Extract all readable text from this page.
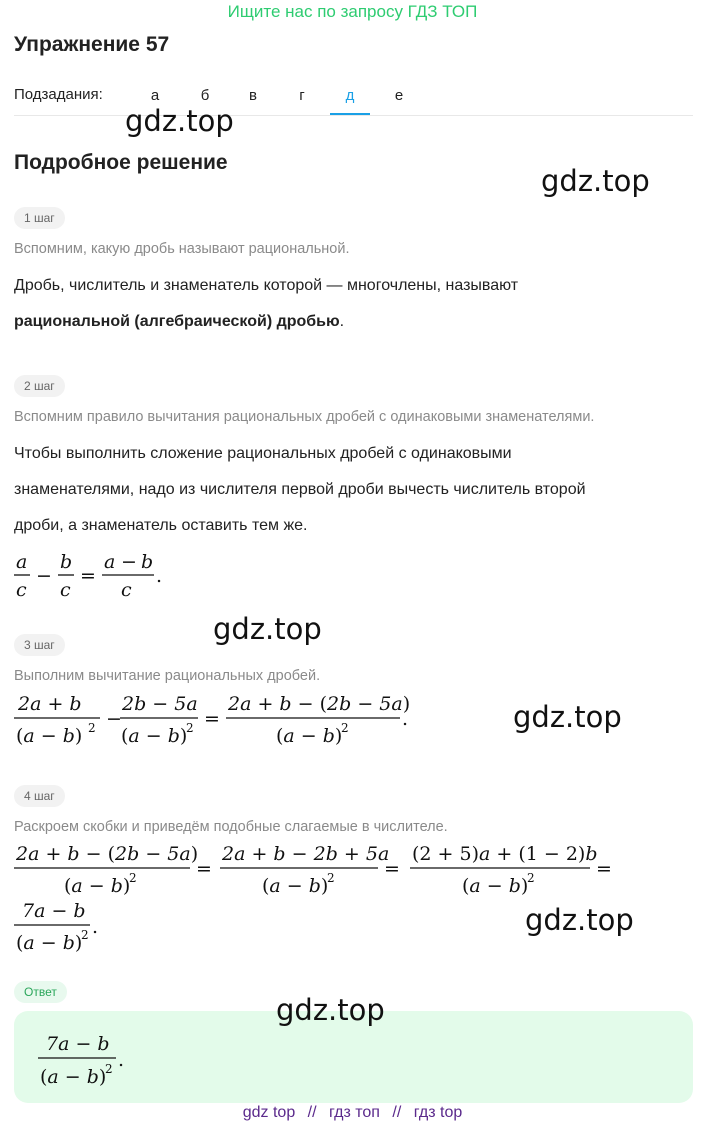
Ищите нас по запросу ГДЗ ТОП
Упражнение 57
Подзадания:	а	б	в	г	д	е
gdz.top
gdz.top
gdz.top
gdz.top
gdz.top
Подробное решение
1 шаг
Вспомним, какую дробь называют рациональной.
Дробь, числитель и знаменатель которой — многочлены, называют
рациональной (алгебраической) дробью.
2 шаг
Вспомним правило вычитания рациональных дробей с одинаковыми знаменателями.
Чтобы выполнить сложение рациональных дробей с одинаковыми
знаменателями, надо из числителя первой дроби вычесть числитель второй
дроби, а знаменатель оставить тем же.
a
c
−
b
c
=
a − b
c
.
3 шаг
Выполним вычитание рациональных дробей.
2a + b
(a − b) 2 −
2b − 5a
(a − b)
2 =
2a + b − (2b − 5a)
(a − b)
2	.
4 шаг
Раскроем скобки и приведём подобные слагаемые в числителе.
2a + b − (2b − 5a)
(a − b)
2	=
2a + b − 2b + 5a
(a − b)
2	=
(2 + 5)a + (1 − 2)b
(a − b)
2	=
7a − b
(a − b)
2 .
Ответ
gdz.top
7a − b
(a − b)
2 .
gdz top // гдз топ // гдз top
